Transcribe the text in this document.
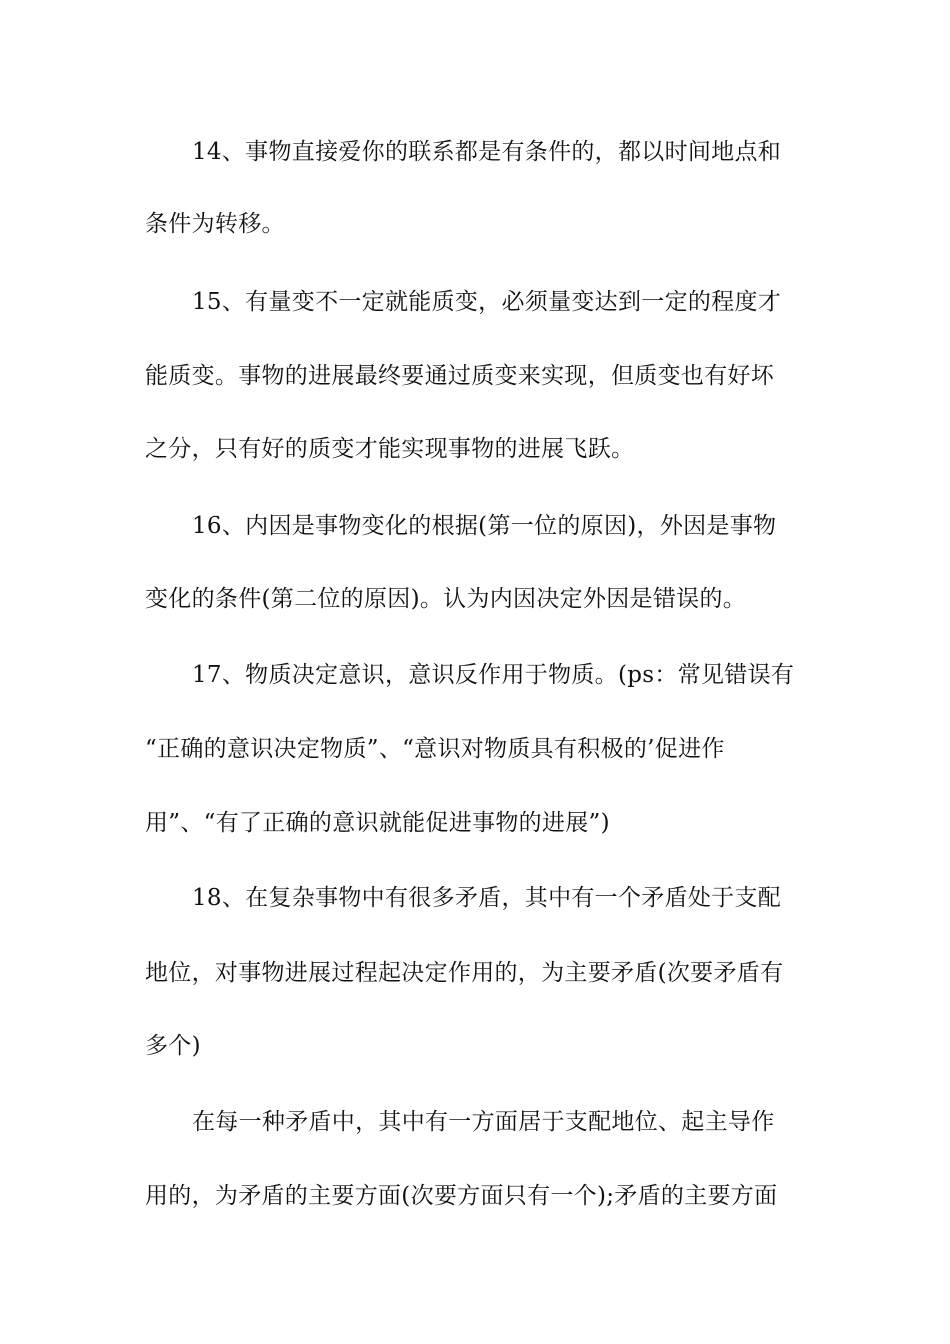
14、事物直接爱你的联系都是有条件的，都以时间地点和
条件为转移。
15、有量变不一定就能质变，必须量变达到一定的程度才
能质变。事物的进展最终要通过质变来实现，但质变也有好坏
之分，只有好的质变才能实现事物的进展飞跃。
16、内因是事物变化的根据(第一位的原因)，外因是事物
变化的条件(第二位的原因)。认为内因决定外因是错误的。
17、物质决定意识，意识反作用于物质。(ps：常见错误有
“正确的意识决定物质”、“意识对物质具有积极的’促进作
用”、“有了正确的意识就能促进事物的进展”)
18、在复杂事物中有很多矛盾，其中有一个矛盾处于支配
地位，对事物进展过程起决定作用的，为主要矛盾(次要矛盾有
多个)
在每一种矛盾中，其中有一方面居于支配地位、起主导作
用的，为矛盾的主要方面(次要方面只有一个);矛盾的主要方面
